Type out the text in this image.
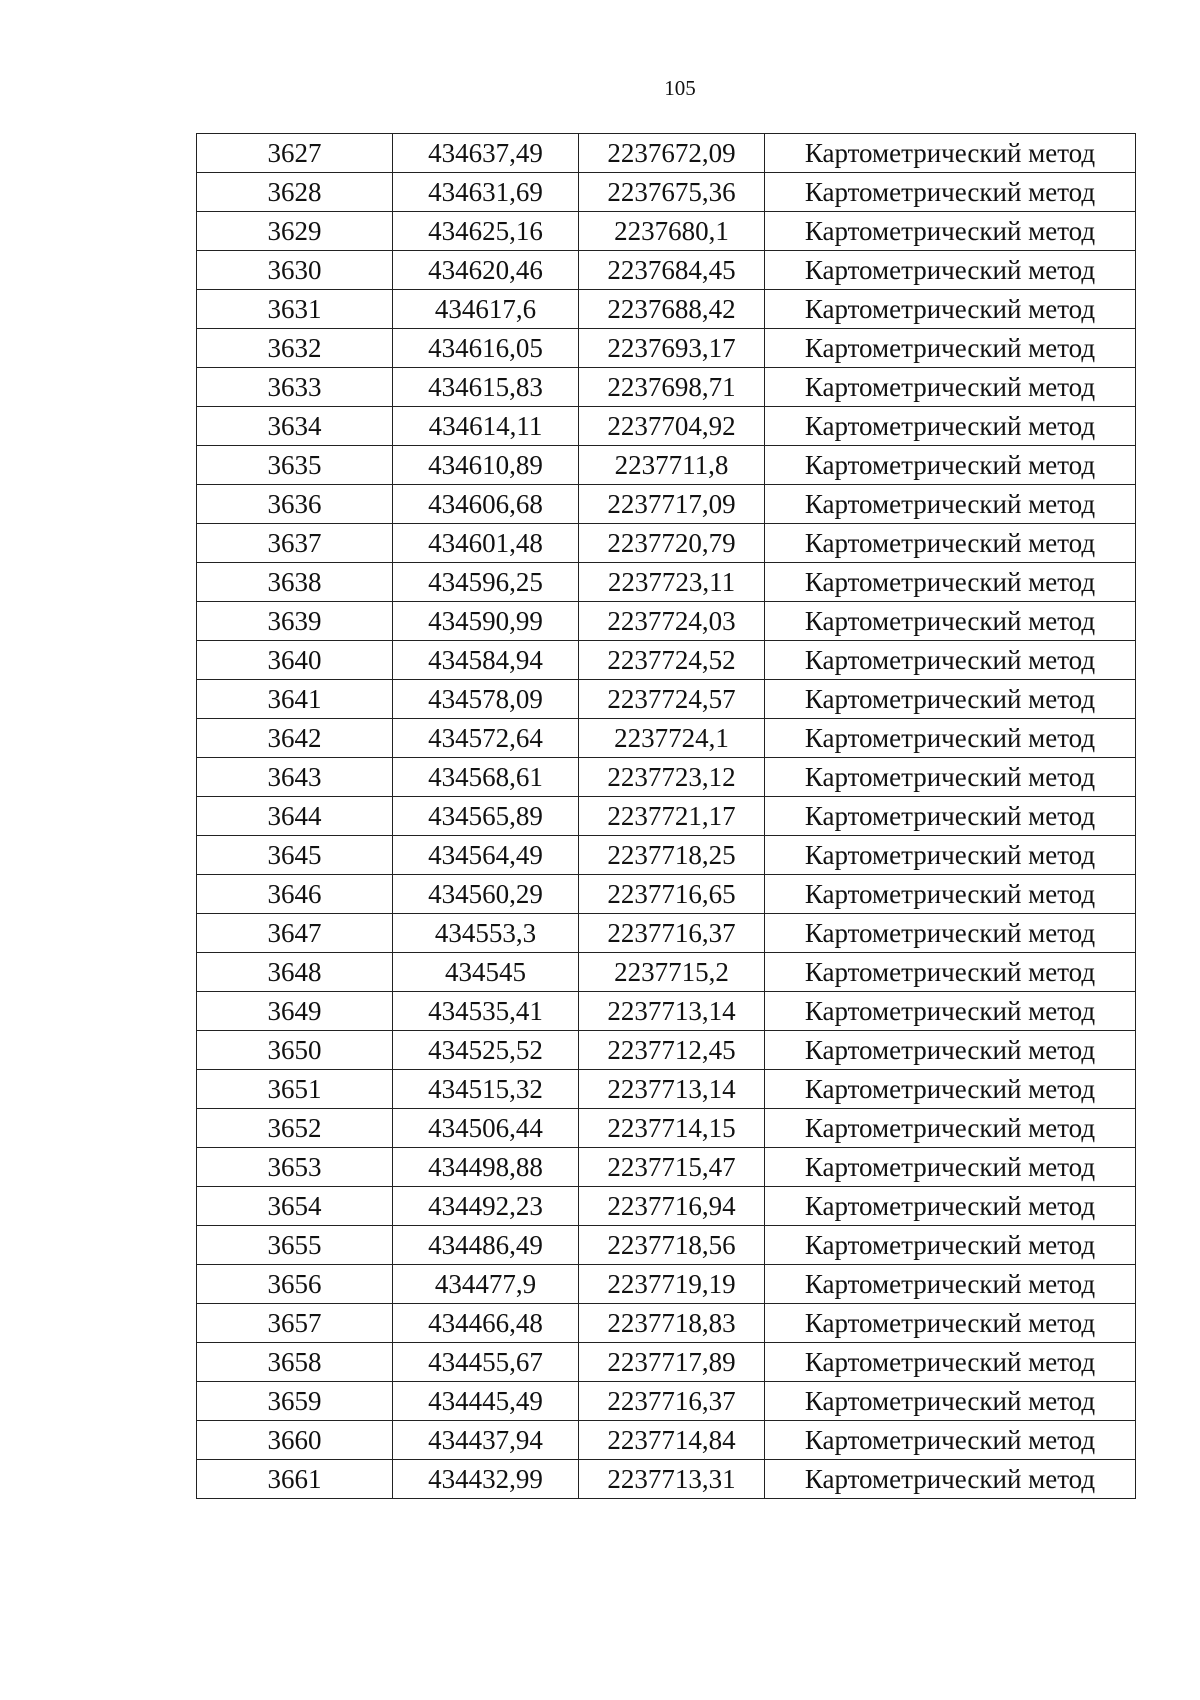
105
3627	434637,49	2237672,09	Картометрический метод
3628	434631,69	2237675,36	Картометрический метод
3629	434625,16	2237680,1	Картометрический метод
3630	434620,46	2237684,45	Картометрический метод
3631	434617,6	2237688,42	Картометрический метод
3632	434616,05	2237693,17	Картометрический метод
3633	434615,83	2237698,71	Картометрический метод
3634	434614,11	2237704,92	Картометрический метод
3635	434610,89	2237711,8	Картометрический метод
3636	434606,68	2237717,09	Картометрический метод
3637	434601,48	2237720,79	Картометрический метод
3638	434596,25	2237723,11	Картометрический метод
3639	434590,99	2237724,03	Картометрический метод
3640	434584,94	2237724,52	Картометрический метод
3641	434578,09	2237724,57	Картометрический метод
3642	434572,64	2237724,1	Картометрический метод
3643	434568,61	2237723,12	Картометрический метод
3644	434565,89	2237721,17	Картометрический метод
3645	434564,49	2237718,25	Картометрический метод
3646	434560,29	2237716,65	Картометрический метод
3647	434553,3	2237716,37	Картометрический метод
3648	434545	2237715,2	Картометрический метод
3649	434535,41	2237713,14	Картометрический метод
3650	434525,52	2237712,45	Картометрический метод
3651	434515,32	2237713,14	Картометрический метод
3652	434506,44	2237714,15	Картометрический метод
3653	434498,88	2237715,47	Картометрический метод
3654	434492,23	2237716,94	Картометрический метод
3655	434486,49	2237718,56	Картометрический метод
3656	434477,9	2237719,19	Картометрический метод
3657	434466,48	2237718,83	Картометрический метод
3658	434455,67	2237717,89	Картометрический метод
3659	434445,49	2237716,37	Картометрический метод
3660	434437,94	2237714,84	Картометрический метод
3661	434432,99	2237713,31	Картометрический метод
